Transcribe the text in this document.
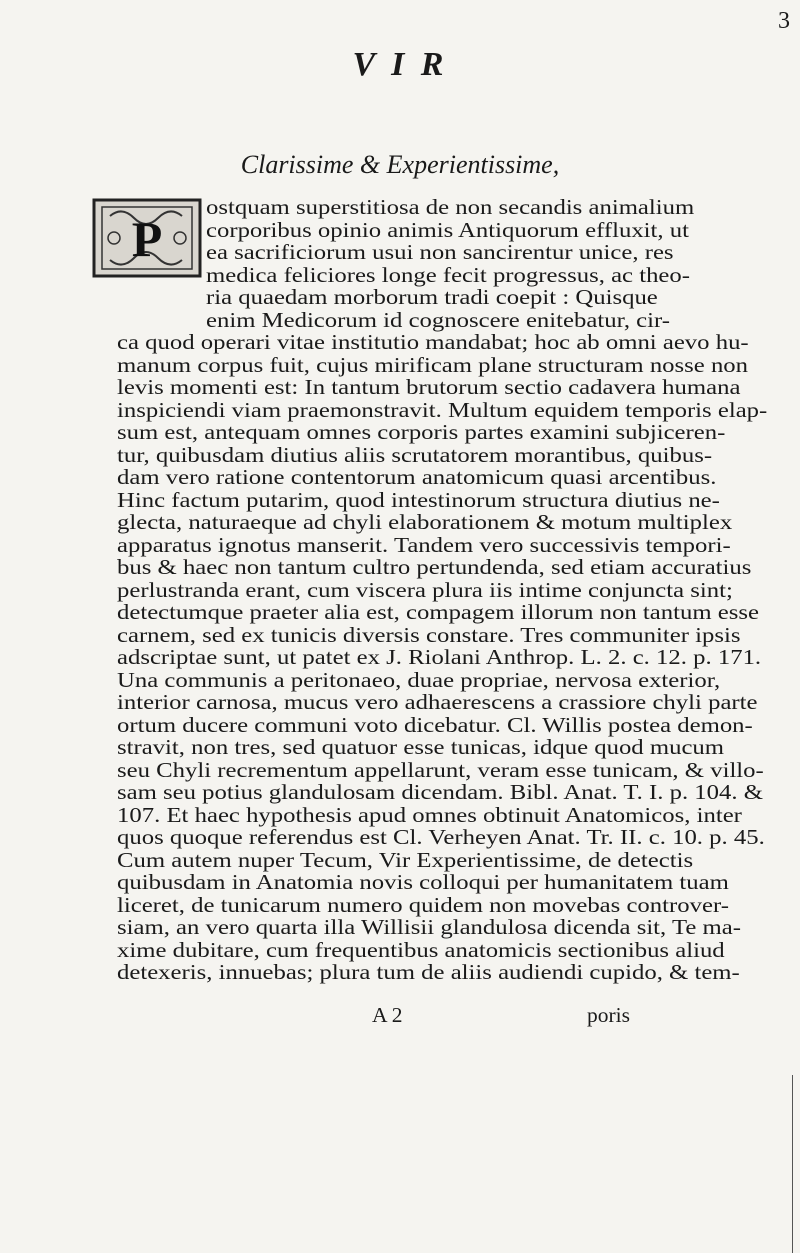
3
V I R
Clarissime & Experientissime,
P
ostquam superstitiosa de non secandis animalium
corporibus opinio animis Antiquorum effluxit, ut
ea sacrificiorum usui non sancirentur unice, res
medica feliciores longe fecit progressus, ac theo-
ria quaedam morborum tradi coepit : Quisque
enim Medicorum id cognoscere enitebatur, cir-
ca quod operari vitae institutio mandabat; hoc ab omni aevo hu-
manum corpus fuit, cujus mirificam plane structuram nosse non
levis momenti est: In tantum brutorum sectio cadavera humana
inspiciendi viam praemonstravit. Multum equidem temporis elap-
sum est, antequam omnes corporis partes examini subjiceren-
tur, quibusdam diutius aliis scrutatorem morantibus, quibus-
dam vero ratione contentorum anatomicum quasi arcentibus.
Hinc factum putarim, quod intestinorum structura diutius ne-
glecta, naturaeque ad chyli elaborationem & motum multiplex
apparatus ignotus manserit. Tandem vero successivis tempori-
bus & haec non tantum cultro pertundenda, sed etiam accuratius
perlustranda erant, cum viscera plura iis intime conjuncta sint;
detectumque praeter alia est, compagem illorum non tantum esse
carnem, sed ex tunicis diversis constare. Tres communiter ipsis
adscriptae sunt, ut patet ex J. Riolani Anthrop. L. 2. c. 12. p. 171.
Una communis a peritonaeo, duae propriae, nervosa exterior,
interior carnosa, mucus vero adhaerescens a crassiore chyli parte
ortum ducere communi voto dicebatur. Cl. Willis postea demon-
stravit, non tres, sed quatuor esse tunicas, idque quod mucum
seu Chyli recrementum appellarunt, veram esse tunicam, & villo-
sam seu potius glandulosam dicendam. Bibl. Anat. T. I. p. 104. &
107. Et haec hypothesis apud omnes obtinuit Anatomicos, inter
quos quoque referendus est Cl. Verheyen Anat. Tr. II. c. 10. p. 45.
Cum autem nuper Tecum, Vir Experientissime, de detectis
quibusdam in Anatomia novis colloqui per humanitatem tuam
liceret, de tunicarum numero quidem non movebas controver-
siam, an vero quarta illa Willisii glandulosa dicenda sit, Te ma-
xime dubitare, cum frequentibus anatomicis sectionibus aliud
detexeris, innuebas; plura tum de aliis audiendi cupido, & tem-
A 2	poris
